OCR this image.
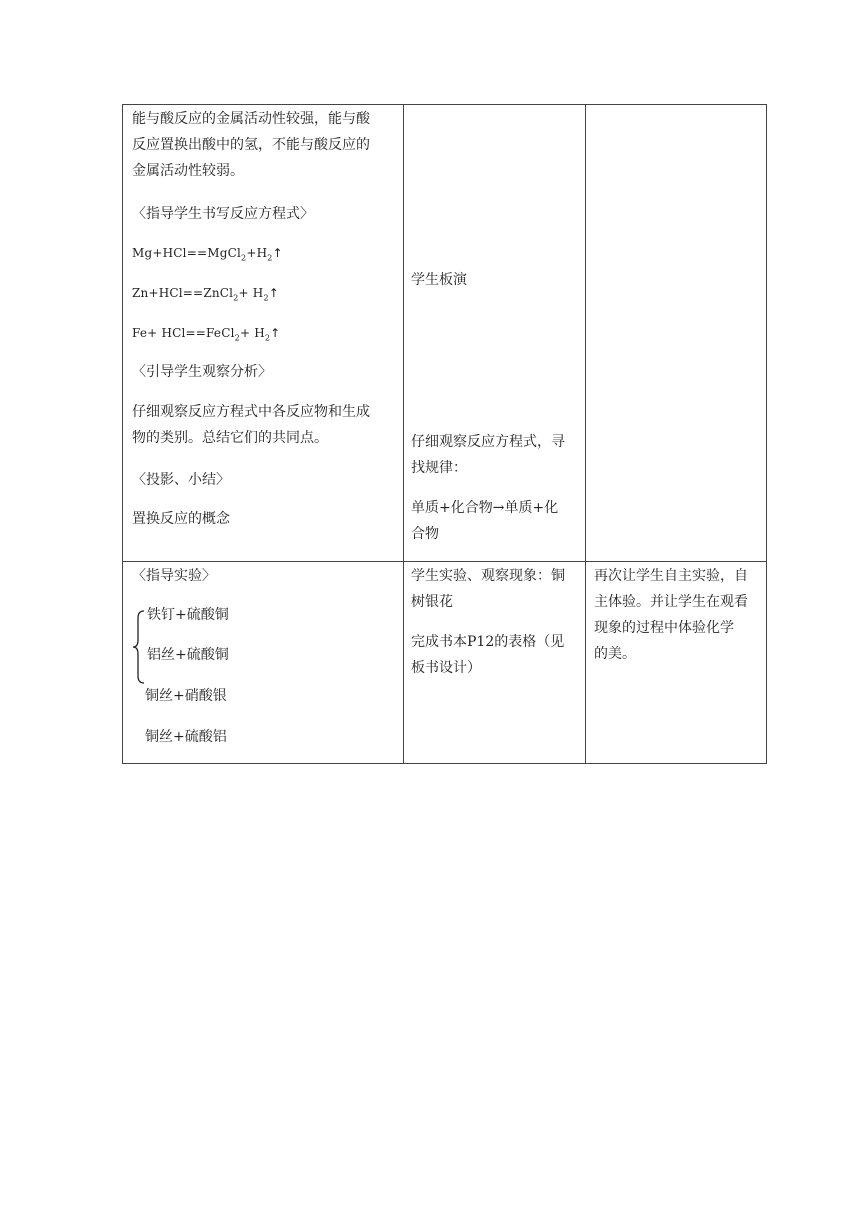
能与酸反应的金属活动性较强，能与酸
反应置换出酸中的氢，不能与酸反应的
金属活动性较弱。
〈指导学生书写反应方程式〉
$Mg+HCl==MgCl_2+H_2↑$
Zn+HCl==ZnCl$_2$+ $H_2↑$
Fe+ HCl==FeCl$_2$+ $H_2↑$
〈引导学生观察分析〉
仔细观察反应方程式中各反应物和生成
物的类别。总结它们的共同点。
〈投影、小结〉
置换反应的概念
学生板演
仔细观察反应方程式，寻
找规律：
单质+化合物→单质+化
合物
〈指导实验〉
铁钉+硫酸铜
铝丝+硫酸铜
铜丝+硝酸银
铜丝+硫酸铝
学生实验、观察现象：铜
树银花
完成书本P12的表格（见
板书设计）
再次让学生自主实验，自
主体验。并让学生在观看
现象的过程中体验化学
的美。
